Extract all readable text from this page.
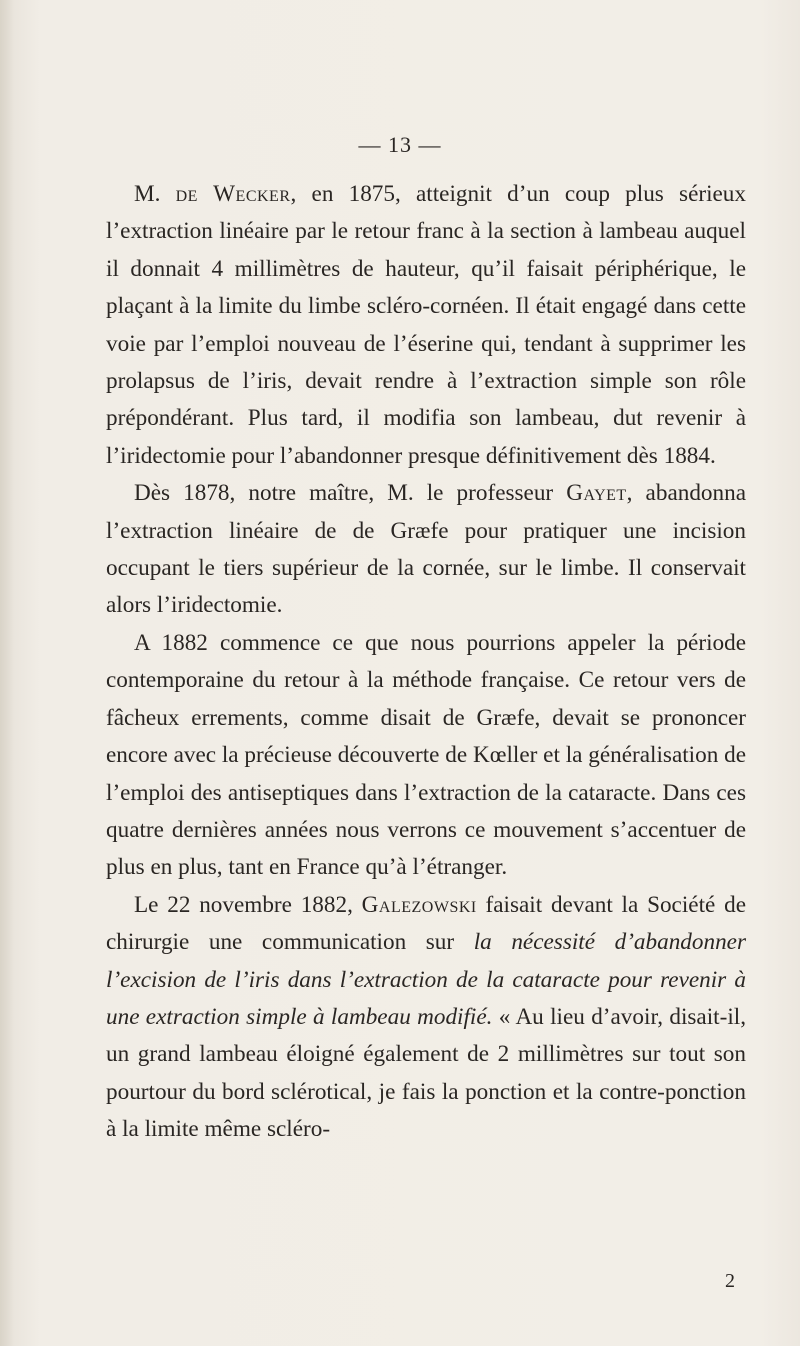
— 13 —

M. de Wecker, en 1875, atteignit d’un coup plus sérieux l’extraction linéaire par le retour franc à la section à lambeau auquel il donnait 4 millimètres de hauteur, qu’il faisait périphérique, le plaçant à la limite du limbe scléro-cornéen. Il était engagé dans cette voie par l’emploi nouveau de l’éserine qui, tendant à supprimer les prolapsus de l’iris, devait rendre à l’extraction simple son rôle prépondérant. Plus tard, il modifia son lambeau, dut revenir à l’iridectomie pour l’abandonner presque définitivement dès 1884.

Dès 1878, notre maître, M. le professeur Gayet, abandonna l’extraction linéaire de de Græfe pour pratiquer une incision occupant le tiers supérieur de la cornée, sur le limbe. Il conservait alors l’iridectomie.

A 1882 commence ce que nous pourrions appeler la période contemporaine du retour à la méthode française. Ce retour vers de fâcheux errements, comme disait de Græfe, devait se prononcer encore avec la précieuse découverte de Kœller et la généralisation de l’emploi des antiseptiques dans l’extraction de la cataracte. Dans ces quatre dernières années nous verrons ce mouvement s’accentuer de plus en plus, tant en France qu’à l’étranger.

Le 22 novembre 1882, Galezowski faisait devant la Société de chirurgie une communication sur la nécessité d’abandonner l’excision de l’iris dans l’extraction de la cataracte pour revenir à une extraction simple à lambeau modifié. « Au lieu d’avoir, disait-il, un grand lambeau éloigné également de 2 millimètres sur tout son pourtour du bord sclérotical, je fais la ponction et la contre-ponction à la limite même scléro-

2
